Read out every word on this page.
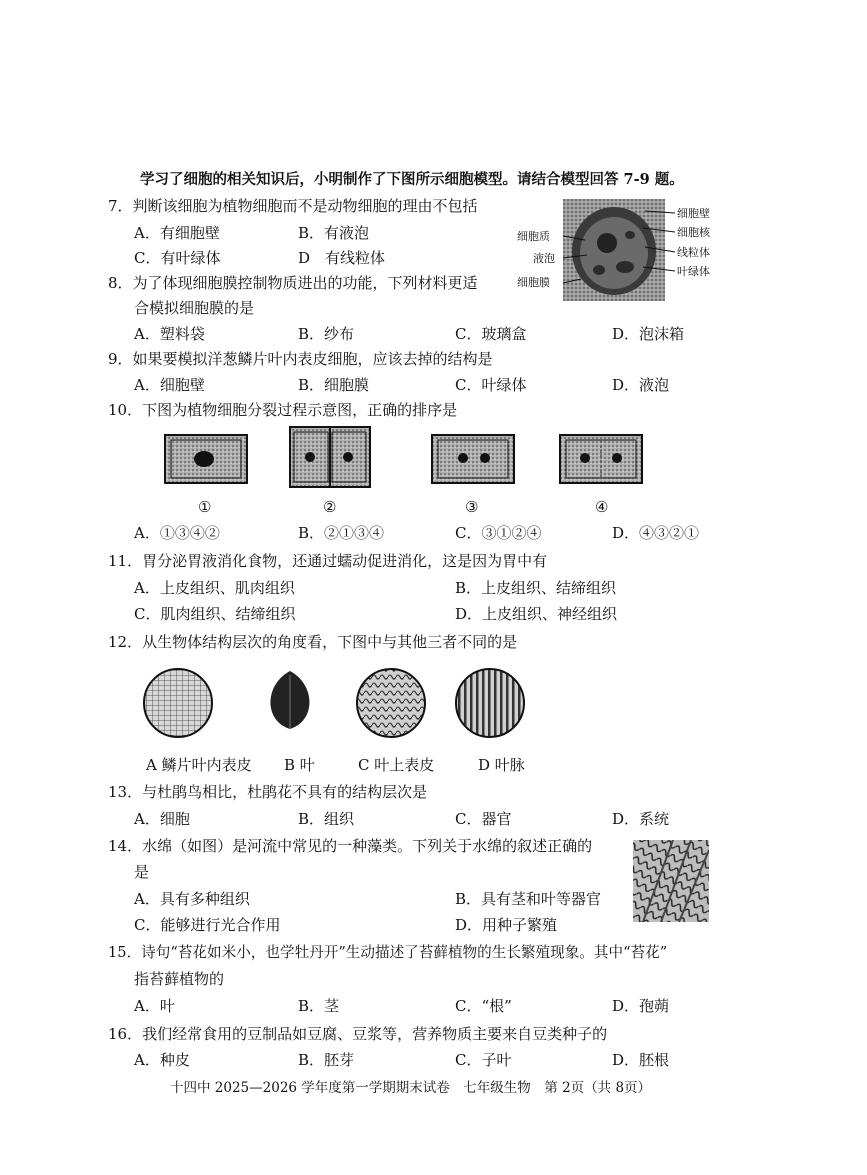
学习了细胞的相关知识后，小明制作了下图所示细胞模型。请结合模型回答 7-9 题。
7．判断该细胞为植物细胞而不是动物细胞的理由不包括
A．有细胞壁	B．有液泡
C．有叶绿体	D　有线粒体
细胞壁
细胞核
线粒体
叶绿体
细胞质
液泡
细胞膜
8．为了体现细胞膜控制物质进出的功能，下列材料更适
合模拟细胞膜的是
A．塑料袋	B．纱布	C．玻璃盒	D．泡沫箱
9．如果要模拟洋葱鳞片叶内表皮细胞，应该去掉的结构是
A．细胞壁	B．细胞膜	C．叶绿体	D．液泡
10．下图为植物细胞分裂过程示意图，正确的排序是
①	②	③	④
A．①③④②	B．②①③④	C．③①②④	D．④③②①
11．胃分泌胃液消化食物，还通过蠕动促进消化，这是因为胃中有
A．上皮组织、肌肉组织	B．上皮组织、结缔组织
C．肌肉组织、结缔组织	D．上皮组织、神经组织
12．从生物体结构层次的角度看，下图中与其他三者不同的是
A 鳞片叶内表皮 B 叶	C 叶上表皮	D 叶脉
13．与杜鹃鸟相比，杜鹃花不具有的结构层次是
A．细胞	B．组织	C．器官	D．系统
14．水绵（如图）是河流中常见的一种藻类。下列关于水绵的叙述正确的
是
A．具有多种组织	B．具有茎和叶等器官
C．能够进行光合作用	D．用种子繁殖
15．诗句“苔花如米小，也学牡丹开”生动描述了苔藓植物的生长繁殖现象。其中“苔花”
指苔藓植物的
A．叶	B．茎	C．“根”	D．孢蒴
16．我们经常食用的豆制品如豆腐、豆浆等，营养物质主要来自豆类种子的
A．种皮	B．胚芽	C．子叶	D．胚根
十四中 2025—2026 学年度第一学期期末试卷　七年级生物　第 2页（共 8页）
